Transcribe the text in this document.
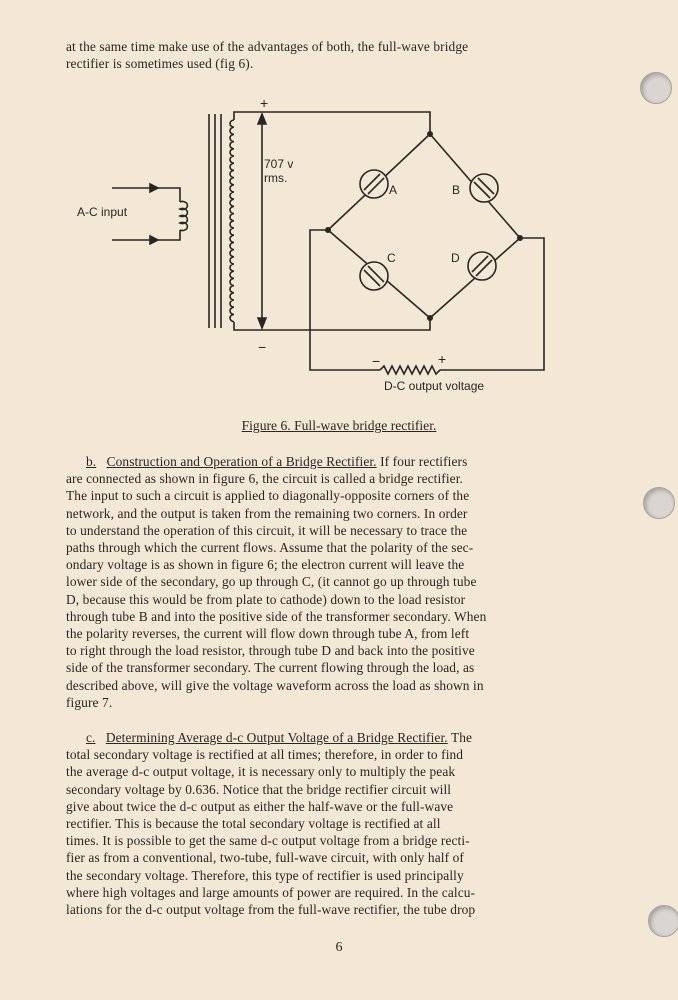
at the same time make use of the advantages of both, the full-wave bridge
rectifier is sometimes used (fig 6).

A-C input
+
−
707 v
rms.
A	B
C	D
−	+
D-C output voltage
Figure 6. Full-wave bridge rectifier.

b. Construction and Operation of a Bridge Rectifier. If four rectifiers
are connected as shown in figure 6, the circuit is called a bridge rectifier.
The input to such a circuit is applied to diagonally-opposite corners of the
network, and the output is taken from the remaining two corners. In order
to understand the operation of this circuit, it will be necessary to trace the
paths through which the current flows. Assume that the polarity of the sec-
ondary voltage is as shown in figure 6; the electron current will leave the
lower side of the secondary, go up through C, (it cannot go up through tube
D, because this would be from plate to cathode) down to the load resistor
through tube B and into the positive side of the transformer secondary. When
the polarity reverses, the current will flow down through tube A, from left
to right through the load resistor, through tube D and back into the positive
side of the transformer secondary. The current flowing through the load, as
described above, will give the voltage waveform across the load as shown in
figure 7.

c. Determining Average d-c Output Voltage of a Bridge Rectifier. The
total secondary voltage is rectified at all times; therefore, in order to find
the average d-c output voltage, it is necessary only to multiply the peak
secondary voltage by 0.636. Notice that the bridge rectifier circuit will
give about twice the d-c output as either the half-wave or the full-wave
rectifier. This is because the total secondary voltage is rectified at all
times. It is possible to get the same d-c output voltage from a bridge recti-
fier as from a conventional, two-tube, full-wave circuit, with only half of
the secondary voltage. Therefore, this type of rectifier is used principally
where high voltages and large amounts of power are required. In the calcu-
lations for the d-c output voltage from the full-wave rectifier, the tube drop

6
